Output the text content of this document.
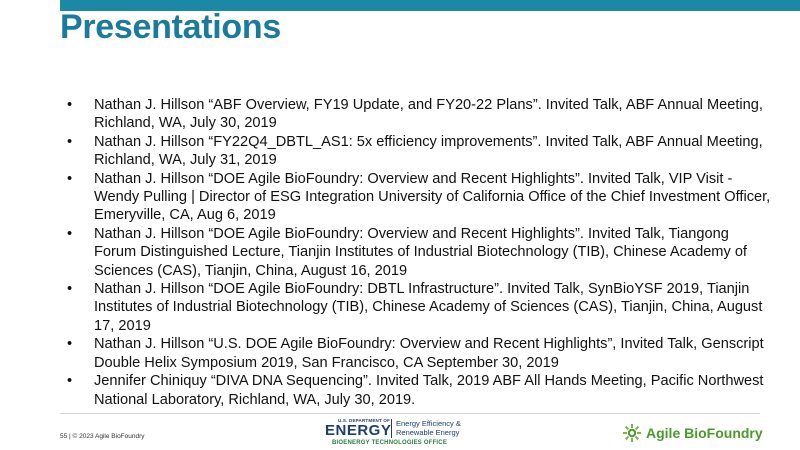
Presentations
• Nathan J. Hillson “ABF Overview, FY19 Update, and FY20-22 Plans”. Invited Talk, ABF Annual Meeting, Richland, WA, July 30, 2019
• Nathan J. Hillson “FY22Q4_DBTL_AS1: 5x efficiency improvements”. Invited Talk, ABF Annual Meeting, Richland, WA, July 31, 2019
• Nathan J. Hillson “DOE Agile BioFoundry: Overview and Recent Highlights”. Invited Talk, VIP Visit - Wendy Pulling | Director of ESG Integration University of California Office of the Chief Investment Officer, Emeryville, CA, Aug 6, 2019
• Nathan J. Hillson “DOE Agile BioFoundry: Overview and Recent Highlights”. Invited Talk, Tiangong Forum Distinguished Lecture, Tianjin Institutes of Industrial Biotechnology (TIB), Chinese Academy of Sciences (CAS), Tianjin, China, August 16, 2019
• Nathan J. Hillson “DOE Agile BioFoundry: DBTL Infrastructure”. Invited Talk, SynBioYSF 2019, Tianjin Institutes of Industrial Biotechnology (TIB), Chinese Academy of Sciences (CAS), Tianjin, China, August 17, 2019
• Nathan J. Hillson “U.S. DOE Agile BioFoundry: Overview and Recent Highlights”, Invited Talk, Genscript Double Helix Symposium 2019, San Francisco, CA September 30, 2019
• Jennifer Chiniquy “DIVA DNA Sequencing”. Invited Talk, 2019 ABF All Hands Meeting, Pacific Northwest National Laboratory, Richland, WA, July 30, 2019.
55 | © 2023 Agile BioFoundry
U.S. DEPARTMENT OF
ENERGY Energy Efficiency &
Renewable Energy
BIOENERGY TECHNOLOGIES OFFICE
Agile BioFoundry
